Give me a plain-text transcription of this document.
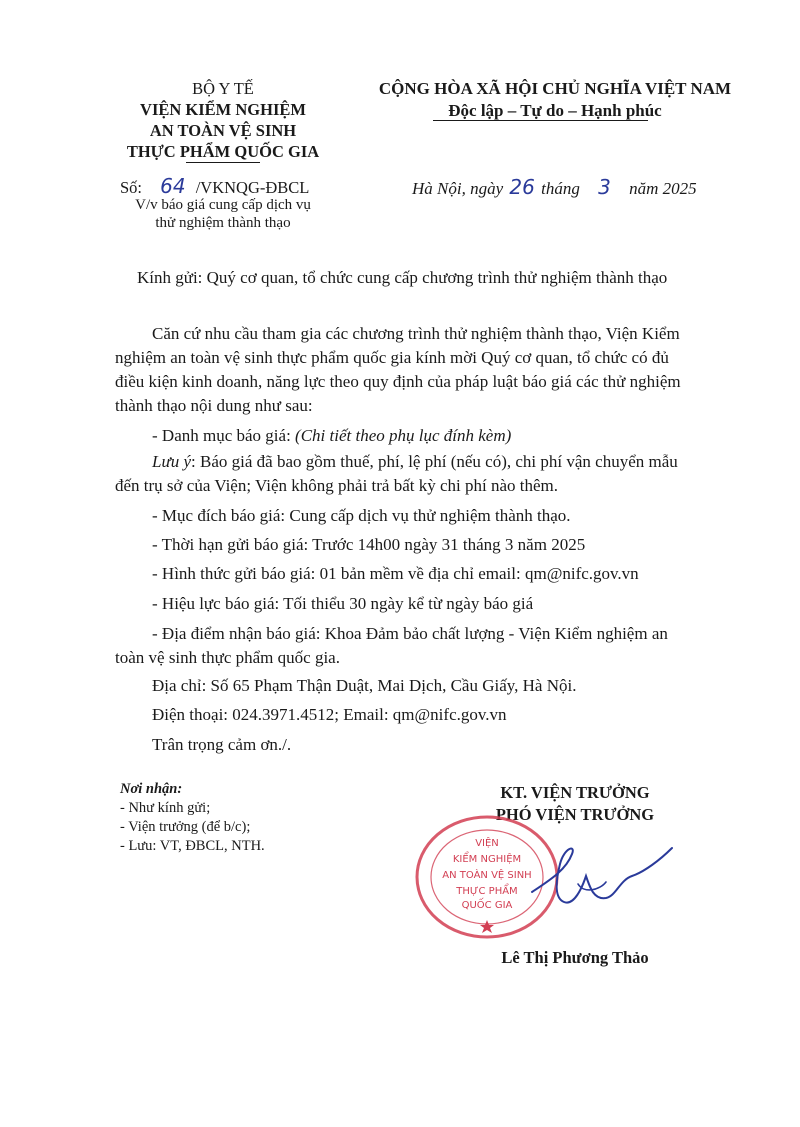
BỘ Y TẾ
VIỆN KIỂM NGHIỆM
AN TOÀN VỆ SINH
THỰC PHẨM QUỐC GIA
Số: 64 /VKNQG-ĐBCL
V/v báo giá cung cấp dịch vụ
thử nghiệm thành thạo
CỘNG HÒA XÃ HỘI CHỦ NGHĨA VIỆT NAM
Độc lập – Tự do – Hạnh phúc
Hà Nội, ngày 26 tháng 3 năm 2025
Kính gửi: Quý cơ quan, tổ chức cung cấp chương trình thử nghiệm thành thạo
Căn cứ nhu cầu tham gia các chương trình thử nghiệm thành thạo, Viện Kiểm
nghiệm an toàn vệ sinh thực phẩm quốc gia kính mời Quý cơ quan, tổ chức có đủ
điều kiện kinh doanh, năng lực theo quy định của pháp luật báo giá các thử nghiệm
thành thạo nội dung như sau:
- Danh mục báo giá: (Chi tiết theo phụ lục đính kèm)
Lưu ý: Báo giá đã bao gồm thuế, phí, lệ phí (nếu có), chi phí vận chuyển mẫu
đến trụ sở của Viện; Viện không phải trả bất kỳ chi phí nào thêm.
- Mục đích báo giá: Cung cấp dịch vụ thử nghiệm thành thạo.
- Thời hạn gửi báo giá: Trước 14h00 ngày 31 tháng 3 năm 2025
- Hình thức gửi báo giá: 01 bản mềm về địa chỉ email: qm@nifc.gov.vn
- Hiệu lực báo giá: Tối thiểu 30 ngày kể từ ngày báo giá
- Địa điểm nhận báo giá: Khoa Đảm bảo chất lượng - Viện Kiểm nghiệm an
toàn vệ sinh thực phẩm quốc gia.
Địa chỉ: Số 65 Phạm Thận Duật, Mai Dịch, Cầu Giấy, Hà Nội.
Điện thoại: 024.3971.4512; Email: qm@nifc.gov.vn
Trân trọng cảm ơn./.
Nơi nhận:
- Như kính gửi;
- Viện trưởng (để b/c);
- Lưu: VT, ĐBCL, NTH.
KT. VIỆN TRƯỞNG
PHÓ VIỆN TRƯỞNG
VIỆN
KIỂM NGHIỆM
AN TOÀN VỆ SINH
THỰC PHẨM
QUỐC GIA
Lê Thị Phương Thảo
